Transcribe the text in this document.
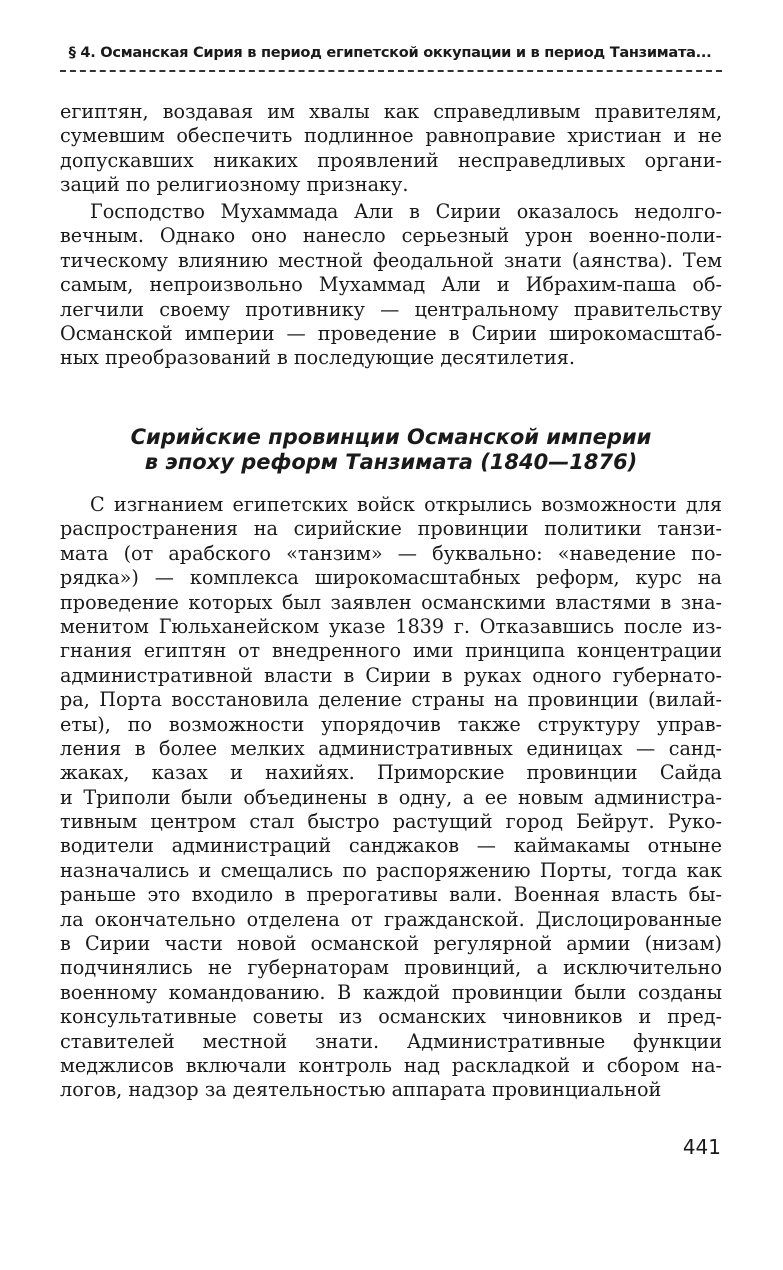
§ 4. Османская Сирия в период египетской оккупации и в период Танзимата...
египтян, воздавая им хвалы как справедливым правителям,
сумевшим обеспечить подлинное равноправие христиан и не
допускавших никаких проявлений несправедливых органи-
заций по религиозному признаку.
Господство Мухаммада Али в Сирии оказалось недолго-
вечным. Однако оно нанесло серьезный урон военно-поли-
тическому влиянию местной феодальной знати (аянства). Тем
самым, непроизвольно Мухаммад Али и Ибрахим-паша об-
легчили своему противнику — центральному правительству
Османской империи — проведение в Сирии широкомасштаб-
ных преобразований в последующие десятилетия.
Сирийские провинции Османской империи
в эпоху реформ Танзимата (1840—1876)
С изгнанием египетских войск открылись возможности для
распространения на сирийские провинции политики танзи-
мата (от арабского «танзим» — буквально: «наведение по-
рядка») — комплекса широкомасштабных реформ, курс на
проведение которых был заявлен османскими властями в зна-
менитом Гюльханейском указе 1839 г. Отказавшись после из-
гнания египтян от внедренного ими принципа концентрации
административной власти в Сирии в руках одного губернато-
ра, Порта восстановила деление страны на провинции (вилай-
еты), по возможности упорядочив также структуру управ-
ления в более мелких административных единицах — санд-
жаках, казах и нахийях. Приморские провинции Сайда
и Триполи были объединены в одну, а ее новым администра-
тивным центром стал быстро растущий город Бейрут. Руко-
водители администраций санджаков — каймакамы отныне
назначались и смещались по распоряжению Порты, тогда как
раньше это входило в прерогативы вали. Военная власть бы-
ла окончательно отделена от гражданской. Дислоцированные
в Сирии части новой османской регулярной армии (низам)
подчинялись не губернаторам провинций, а исключительно
военному командованию. В каждой провинции были созданы
консультативные советы из османских чиновников и пред-
ставителей местной знати. Административные функции
меджлисов включали контроль над раскладкой и сбором на-
логов, надзор за деятельностью аппарата провинциальной
441
